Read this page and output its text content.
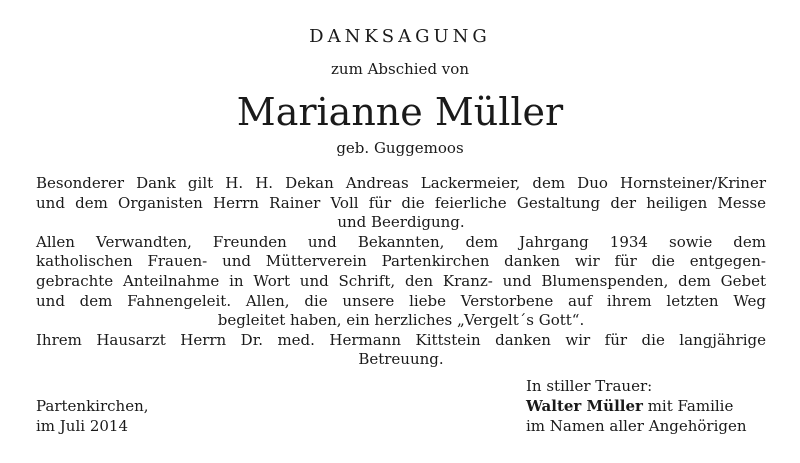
DANKSAGUNG
zum Abschied von
Marianne Müller
geb. Guggemoos
Besonderer Dank gilt H. H. Dekan Andreas Lackermeier, dem Duo Hornsteiner/Kriner
und dem Organisten Herrn Rainer Voll für die feierliche Gestaltung der heiligen Messe
und Beerdigung.
Allen Verwandten, Freunden und Bekannten, dem Jahrgang 1934 sowie dem
katholischen Frauen- und Mütterverein Partenkirchen danken wir für die entgegen-
gebrachte Anteilnahme in Wort und Schrift, den Kranz- und Blumenspenden, dem Gebet
und dem Fahnengeleit. Allen, die unsere liebe Verstorbene auf ihrem letzten Weg
begleitet haben, ein herzliches „Vergelt´s Gott“.
Ihrem Hausarzt Herrn Dr. med. Hermann Kittstein danken wir für die langjährige
Betreuung.
Partenkirchen,
im Juli 2014
In stiller Trauer:
Walter Müller mit Familie
im Namen aller Angehörigen
